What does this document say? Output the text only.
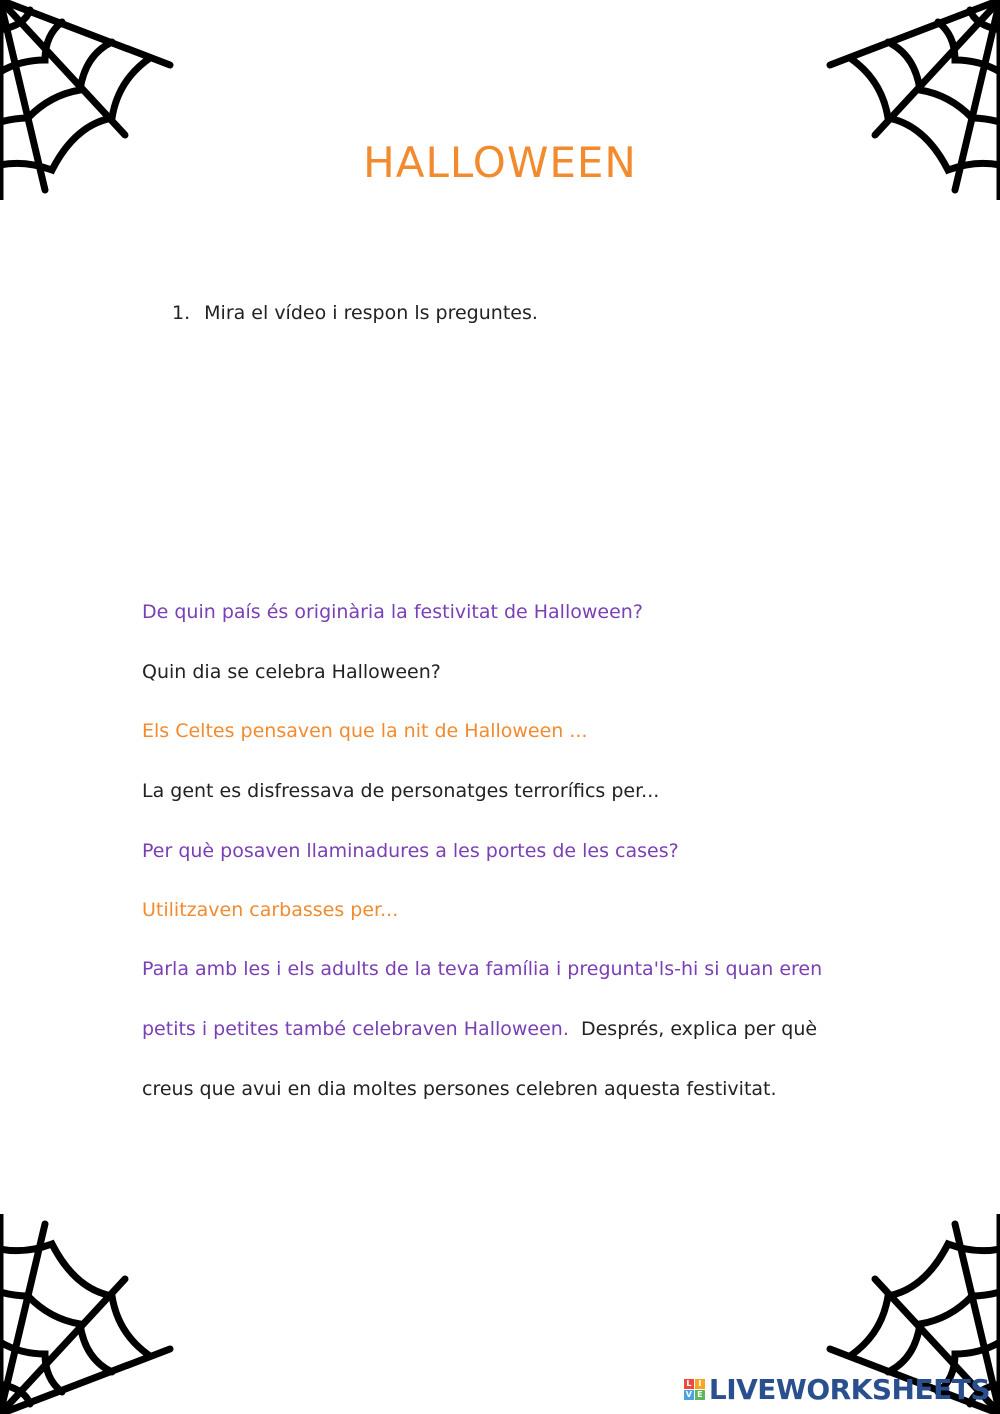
HALLOWEEN
1. Mira el vídeo i respon ls preguntes.
De quin país és originària la festivitat de Halloween?
Quin dia se celebra Halloween?
Els Celtes pensaven que la nit de Halloween ...
La gent es disfressava de personatges terrorífics per...
Per què posaven llaminadures a les portes de les cases?
Utilitzaven carbasses per...
Parla amb les i els adults de la teva família i pregunta'ls-hi si quan eren
petits i petites també celebraven Halloween. Després, explica per què
creus que avui en dia moltes persones celebren aquesta festivitat.
L I
V E LIVEWORKSHEETS
